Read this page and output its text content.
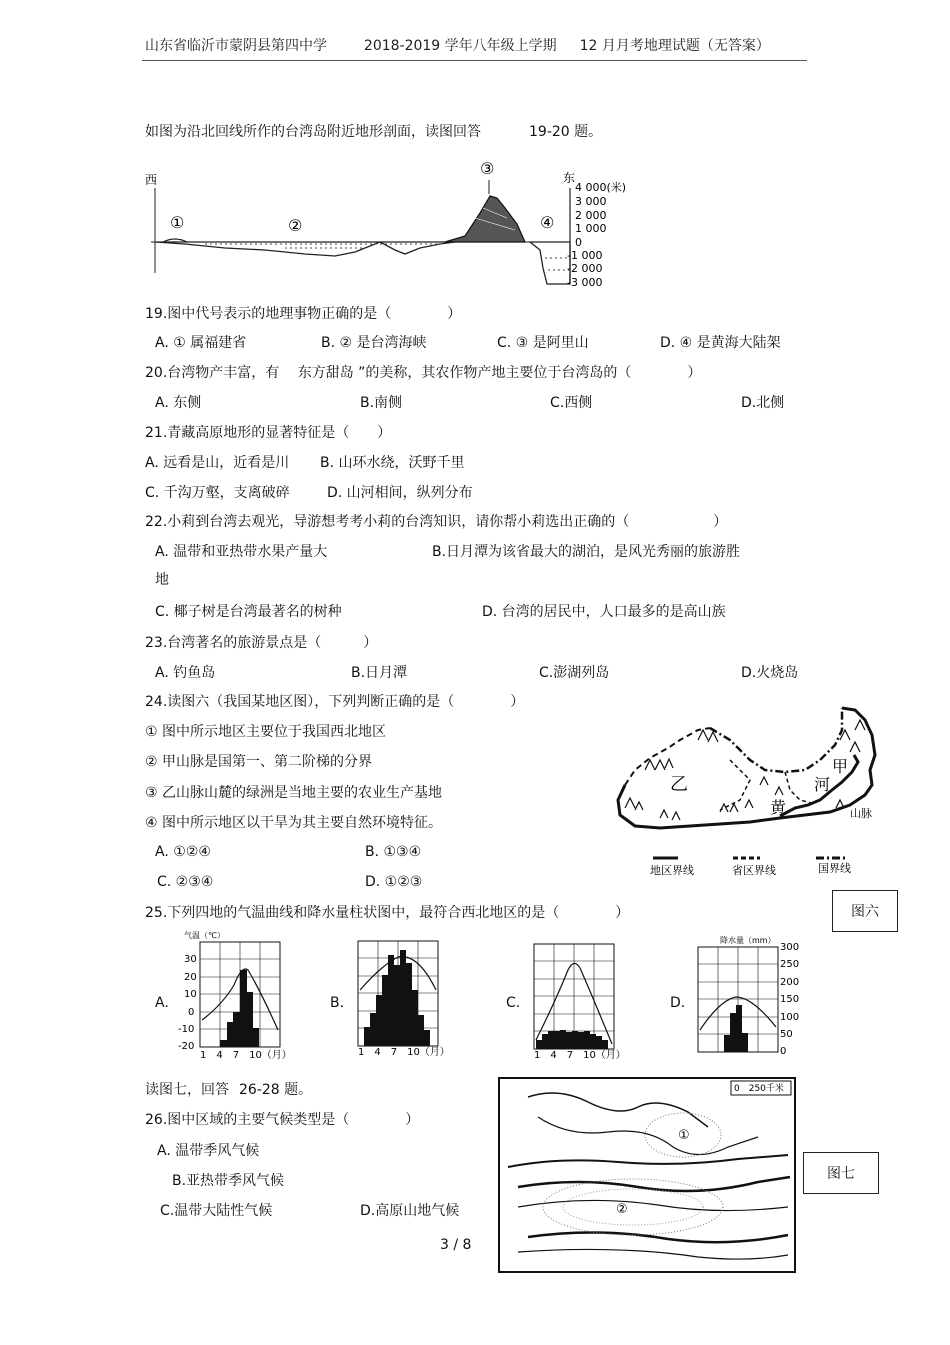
山东省临沂市蒙阴县第四中学	2018-2019 学年八年级上学期 12 月月考地理试题（无答案）
如图为沿北回线所作的台湾岛附近地形剖面，读图回答	19-20 题。
西	东
①	②
③
④
4 000(米)
3 000
2 000
1 000
0
-1 000
-2 000
-3 000
19.图中代号表示的地理事物正确的是（　　　　）
A. ① 属福建省	B. ② 是台湾海峡	C. ③ 是阿里山	D. ④ 是黄海大陆架
20.台湾物产丰富，有　 东方甜岛 ”的美称，其农作物产地主要位于台湾岛的（　　　　）
A. 东侧	B.南侧	C.西侧	D.北侧
21.青藏高原地形的显著特征是（　　）
A. 远看是山，近看是川 B. 山环水绕，沃野千里
C. 千沟万壑，支离破碎	D. 山河相间，纵列分布
22.小莉到台湾去观光，导游想考考小莉的台湾知识，请你帮小莉选出正确的（　　　　　　）
A. 温带和亚热带水果产量大	B.日月潭为该省最大的湖泊，是风光秀丽的旅游胜
地
C. 椰子树是台湾最著名的树种	D. 台湾的居民中，人口最多的是高山族
23.台湾著名的旅游景点是（　　　）
A. 钓鱼岛	B.日月潭	C.澎湖列岛	D.火烧岛
24.读图六（我国某地区图），下列判断正确的是（　　　　）
① 图中所示地区主要位于我国西北地区
② 甲山脉是国第一、第二阶梯的分界
③ 乙山脉山麓的绿洲是当地主要的农业生产基地
④ 图中所示地区以干旱为其主要自然环境特征。
A. ①②④	B. ①③④
C. ②③④	D. ①②③
乙
甲
黄
河
山脉
地区界线	省区界线	国界线
图六
25.下列四地的气温曲线和降水量柱状图中，最符合西北地区的是（　　　　）
A.	B.	C.	D.
气温（℃）
30
20
10
0
-10
-20
1　4　7　10（月）	1　4　7　10（月）	1　4　7　10（月）
降水量（mm）
300
250
200
150
100
50
0
读图七，回答 26-28 题。
26.图中区域的主要气候类型是（　　　　）
A. 温带季风气候
B.亚热带季风气候
C.温带大陆性气候	D.高原山地气候
0　250千米
①
②
图七
3 / 8
